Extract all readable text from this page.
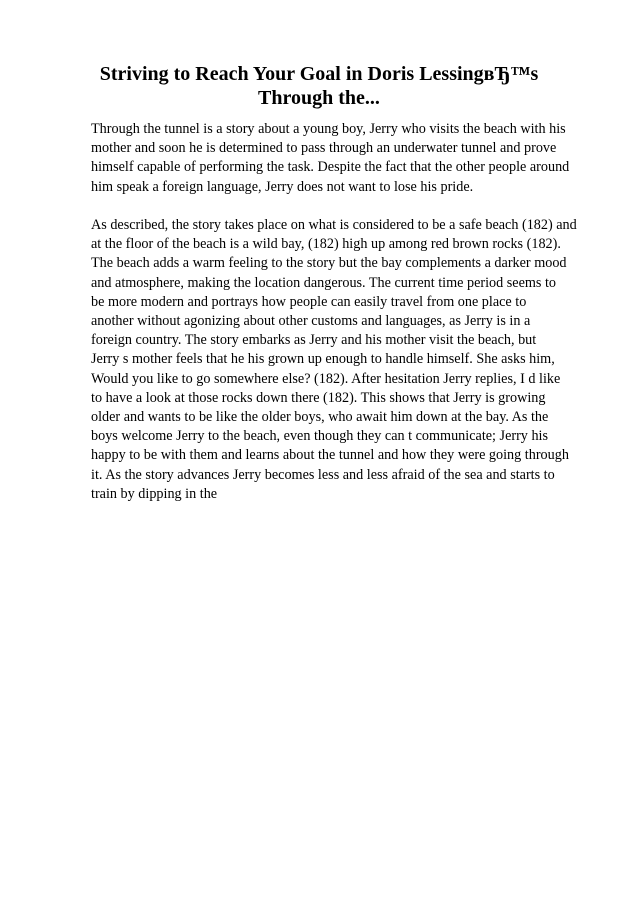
Striving to Reach Your Goal in Doris LessingвЂ™s
Through the...

Through the tunnel is a story about a young boy, Jerry who visits the beach with his
mother and soon he is determined to pass through an underwater tunnel and prove
himself capable of performing the task. Despite the fact that the other people around
him speak a foreign language, Jerry does not want to lose his pride.

As described, the story takes place on what is considered to be a safe beach (182) and
at the floor of the beach is a wild bay, (182) high up among red brown rocks (182).
The beach adds a warm feeling to the story but the bay complements a darker mood
and atmosphere, making the location dangerous. The current time period seems to
be more modern and portrays how people can easily travel from one place to
another without agonizing about other customs and languages, as Jerry is in a
foreign country. The story embarks as Jerry and his mother visit the beach, but
Jerry s mother feels that he his grown up enough to handle himself. She asks him,
Would you like to go somewhere else? (182). After hesitation Jerry replies, I d like
to have a look at those rocks down there (182). This shows that Jerry is growing
older and wants to be like the older boys, who await him down at the bay. As the
boys welcome Jerry to the beach, even though they can t communicate; Jerry his
happy to be with them and learns about the tunnel and how they were going through
it. As the story advances Jerry becomes less and less afraid of the sea and starts to
train by dipping in the
